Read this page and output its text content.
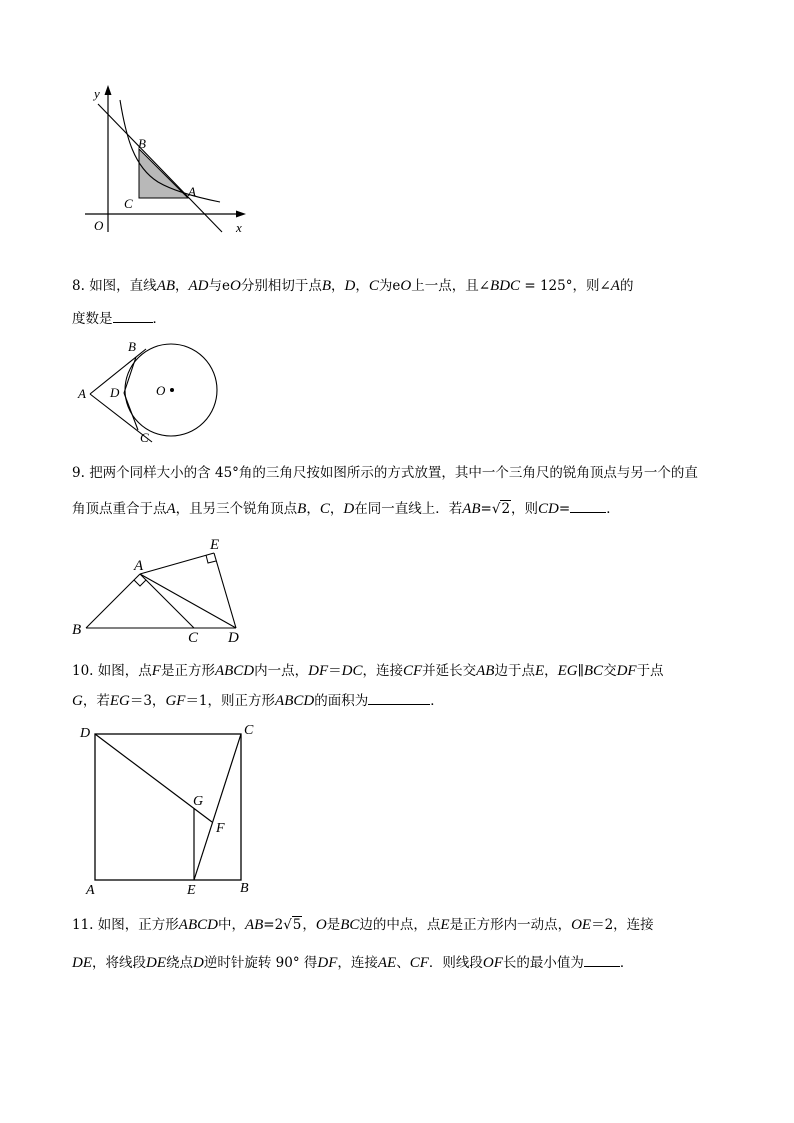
y
x
O
B
A
C
8. 如图，直线AB，AD与eO分别相切于点B，D，C为eO上一点，且∠BDC = 125°，则∠A的
度数是	．
A
B
C
D	O
9. 把两个同样大小的含 45°角的三角尺按如图所示的方式放置，其中一个三角尺的锐角顶点与另一个的直
角顶点重合于点A，且另三个锐角顶点B，C，D在同一直线上．若AB=√2，则CD=	．
A
E
B	C D
10. 如图，点F是正方形ABCD内一点，DF＝DC，连接CF并延长交AB边于点E，EG∥BC交DF于点
G，若EG＝3，GF＝1，则正方形ABCD的面积为	．
D	C
G
F
A	E	B
11. 如图，正方形ABCD中，AB=2√5，O是BC边的中点，点E是正方形内一动点，OE＝2，连接
DE，将线段DE绕点D逆时针旋转 90° 得DF，连接AE、CF．则线段OF长的最小值为	．
